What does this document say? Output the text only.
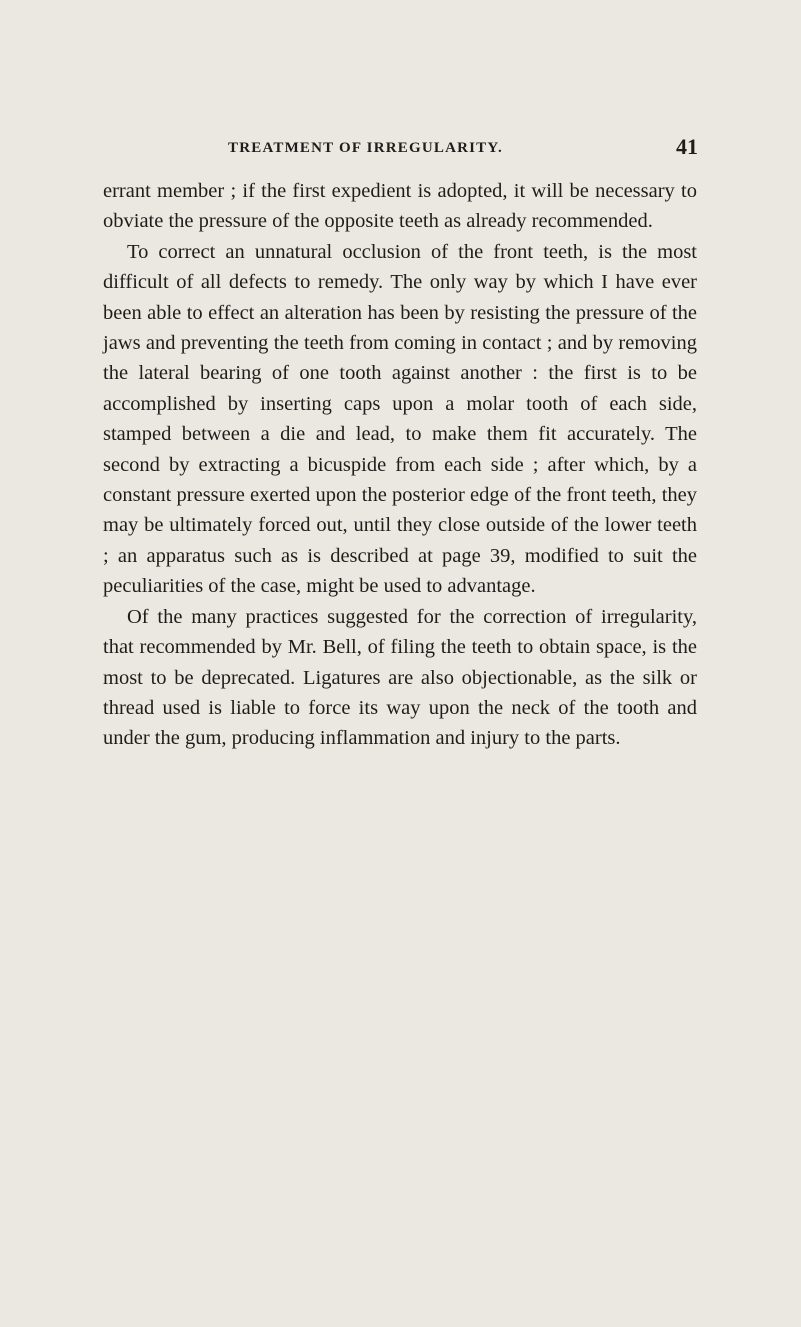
TREATMENT OF IRREGULARITY.	41

errant member ; if the first expedient is adopted, it will be necessary to obviate the pressure of the opposite teeth as already recommended.

To correct an unnatural occlusion of the front teeth, is the most difficult of all defects to remedy. The only way by which I have ever been able to effect an alteration has been by resisting the pressure of the jaws and preventing the teeth from coming in contact ; and by removing the lateral bearing of one tooth against another : the first is to be accomplished by inserting caps upon a molar tooth of each side, stamped between a die and lead, to make them fit accurately. The second by extracting a bicuspide from each side ; after which, by a constant pressure exerted upon the posterior edge of the front teeth, they may be ultimately forced out, until they close outside of the lower teeth ; an apparatus such as is described at page 39, modified to suit the peculiarities of the case, might be used to advantage.

Of the many practices suggested for the correction of irregularity, that recommended by Mr. Bell, of filing the teeth to obtain space, is the most to be deprecated. Ligatures are also objectionable, as the silk or thread used is liable to force its way upon the neck of the tooth and under the gum, producing inflammation and injury to the parts.
